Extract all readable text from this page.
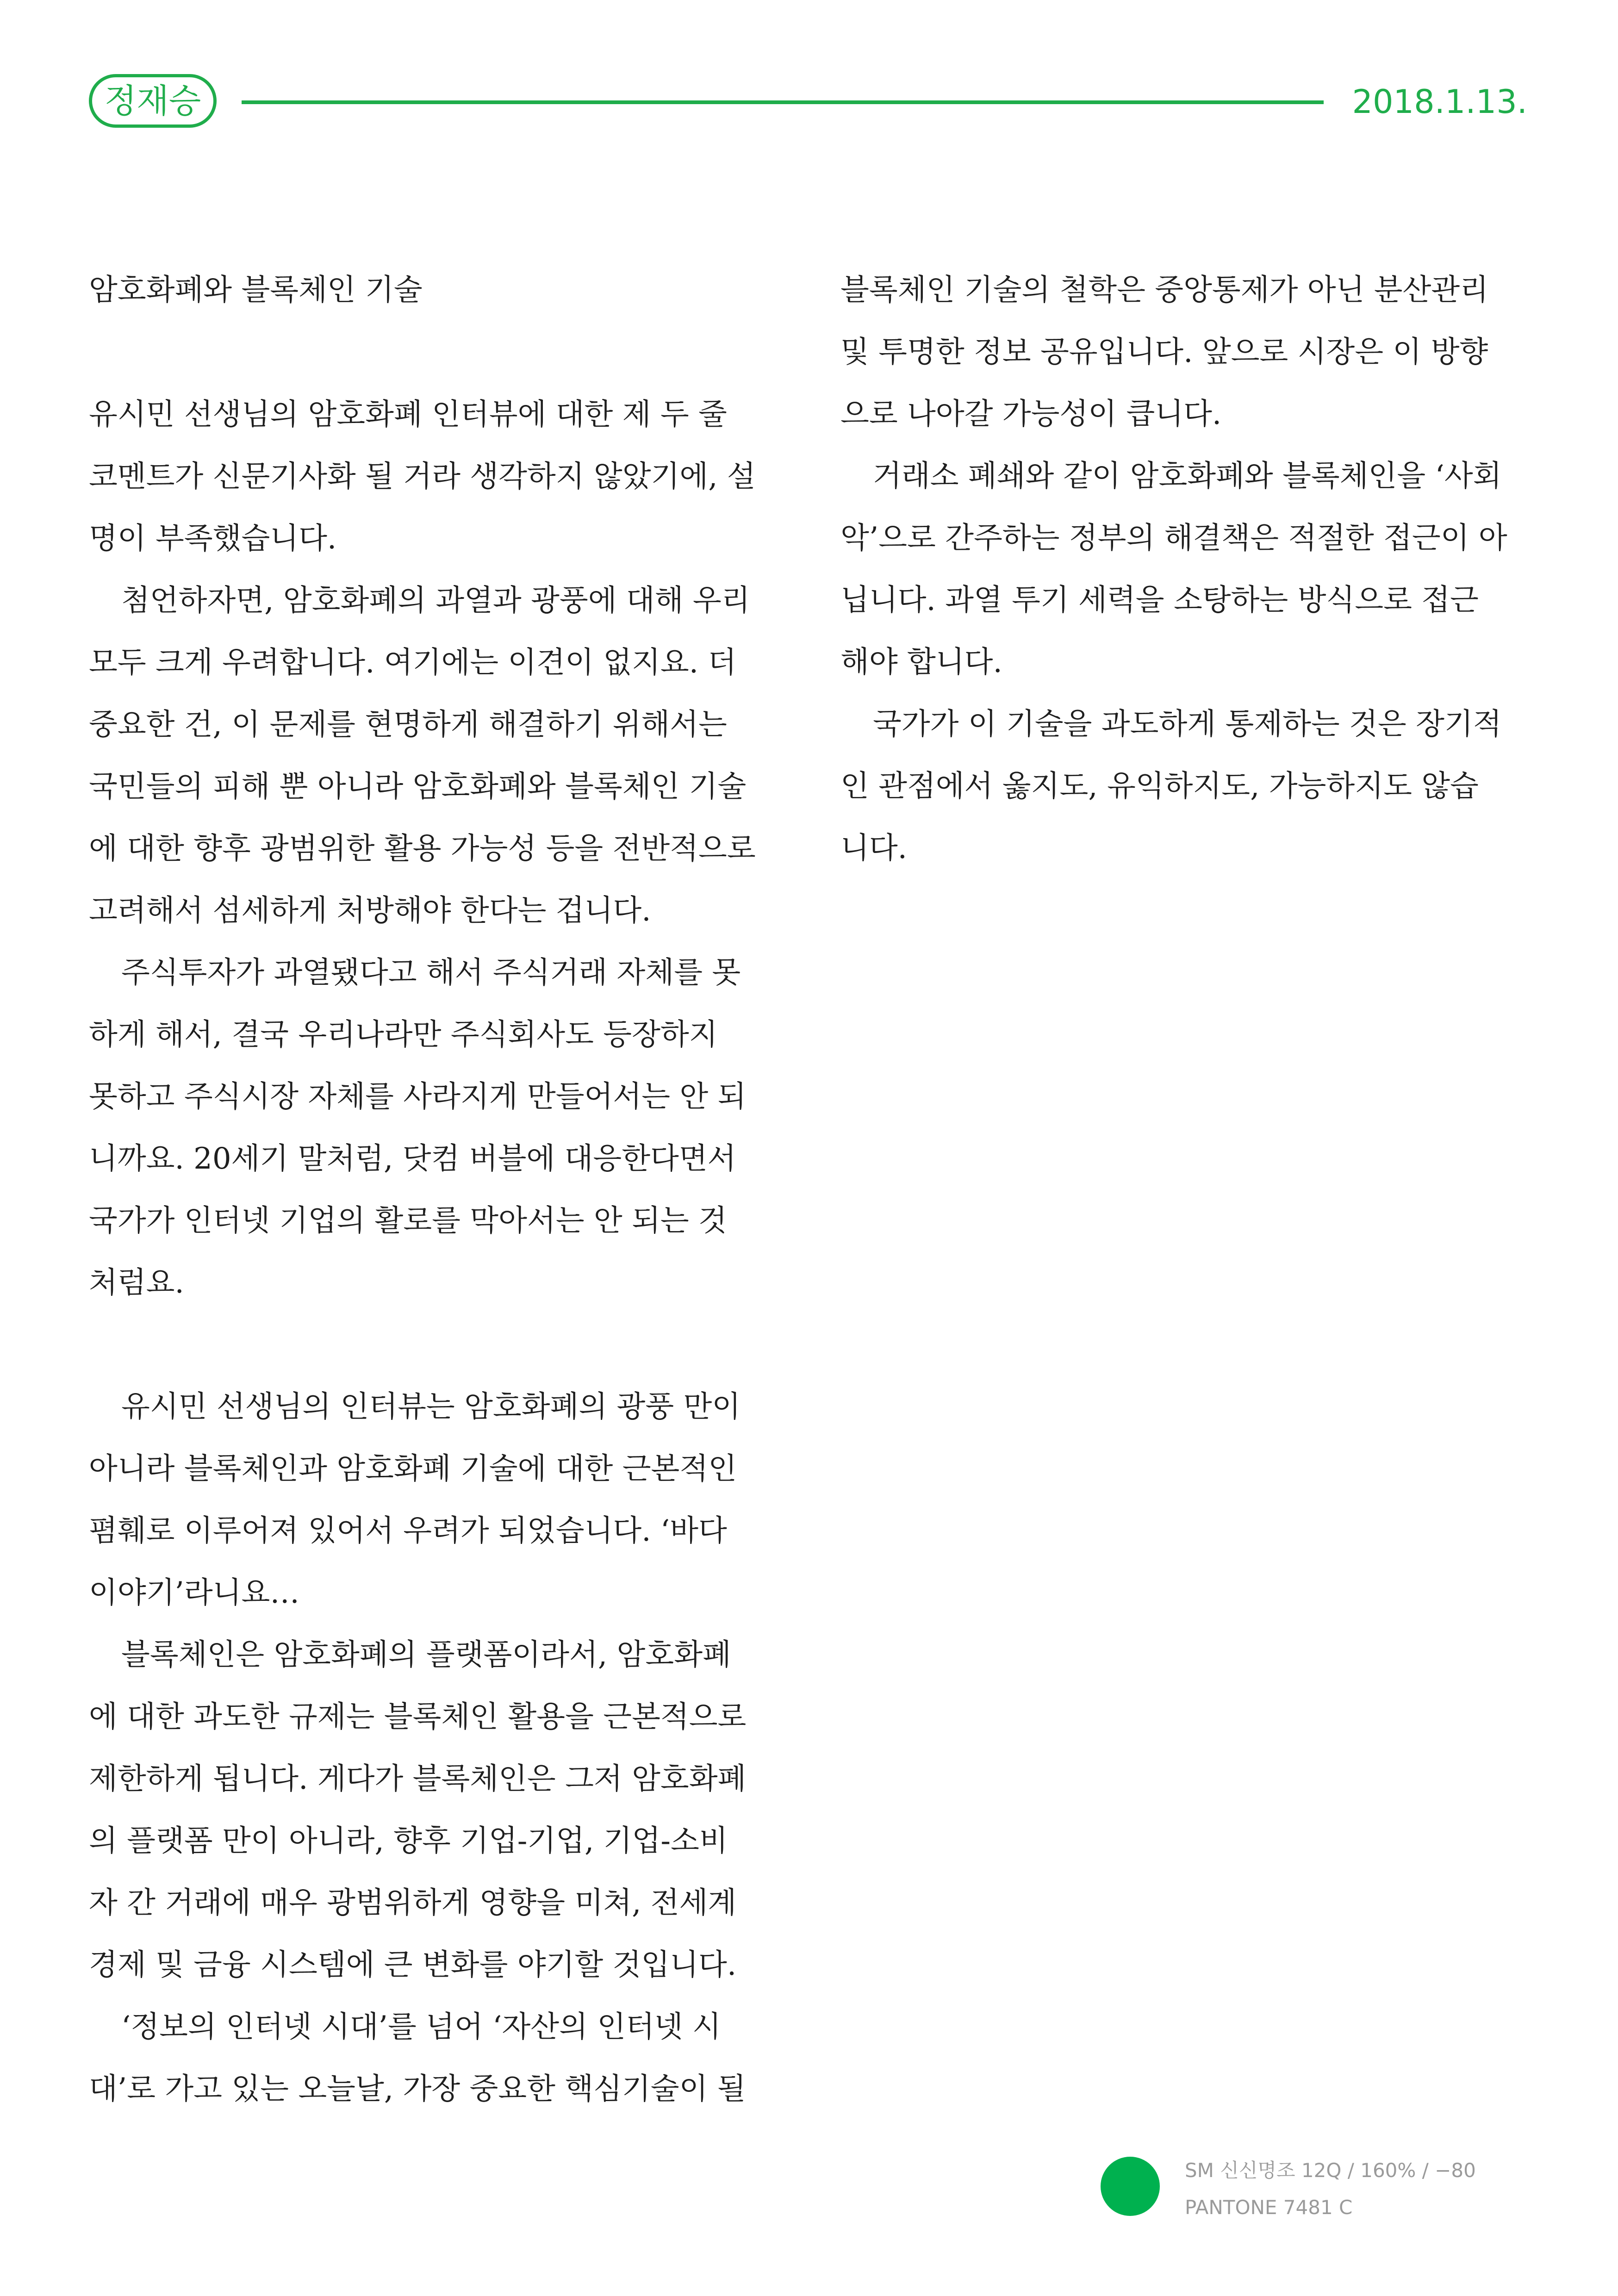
정재승	2018.1.13.
암호화폐와 블록체인 기술
유시민 선생님의 암호화폐 인터뷰에 대한 제 두 줄
코멘트가 신문기사화 될 거라 생각하지 않았기에, 설
명이 부족했습니다.
첨언하자면, 암호화폐의 과열과 광풍에 대해 우리
모두 크게 우려합니다. 여기에는 이견이 없지요. 더
중요한 건, 이 문제를 현명하게 해결하기 위해서는
국민들의 피해 뿐 아니라 암호화폐와 블록체인 기술
에 대한 향후 광범위한 활용 가능성 등을 전반적으로
고려해서 섬세하게 처방해야 한다는 겁니다.
주식투자가 과열됐다고 해서 주식거래 자체를 못
하게 해서, 결국 우리나라만 주식회사도 등장하지
못하고 주식시장 자체를 사라지게 만들어서는 안 되
니까요. 20세기 말처럼, 닷컴 버블에 대응한다면서
국가가 인터넷 기업의 활로를 막아서는 안 되는 것
처럼요.
유시민 선생님의 인터뷰는 암호화폐의 광풍 만이
아니라 블록체인과 암호화폐 기술에 대한 근본적인
폄훼로 이루어져 있어서 우려가 되었습니다. ‘바다
이야기’라니요…
블록체인은 암호화폐의 플랫폼이라서, 암호화폐
에 대한 과도한 규제는 블록체인 활용을 근본적으로
제한하게 됩니다. 게다가 블록체인은 그저 암호화폐
의 플랫폼 만이 아니라, 향후 기업-기업, 기업-소비
자 간 거래에 매우 광범위하게 영향을 미쳐, 전세계
경제 및 금융 시스템에 큰 변화를 야기할 것입니다.
‘정보의 인터넷 시대’를 넘어 ‘자산의 인터넷 시
대’로 가고 있는 오늘날, 가장 중요한 핵심기술이 될
블록체인 기술의 철학은 중앙통제가 아닌 분산관리
및 투명한 정보 공유입니다. 앞으로 시장은 이 방향
으로 나아갈 가능성이 큽니다.
거래소 폐쇄와 같이 암호화폐와 블록체인을 ‘사회
악’으로 간주하는 정부의 해결책은 적절한 접근이 아
닙니다. 과열 투기 세력을 소탕하는 방식으로 접근
해야 합니다.
국가가 이 기술을 과도하게 통제하는 것은 장기적
인 관점에서 옳지도, 유익하지도, 가능하지도 않습
니다.
SM 신신명조 12Q / 160% / −80
PANTONE 7481 C
